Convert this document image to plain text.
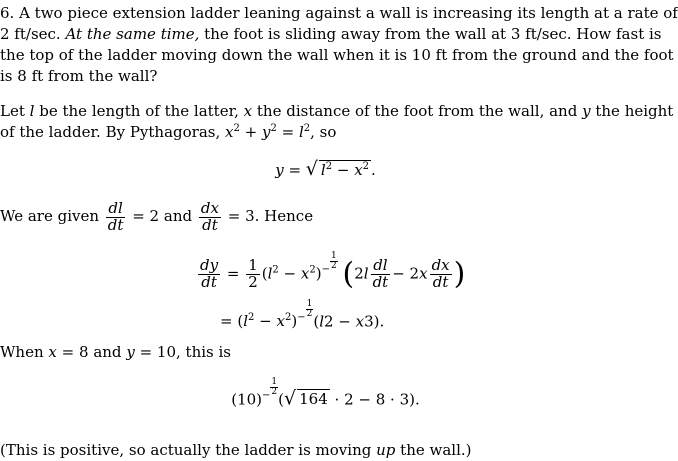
6. A two piece extension ladder leaning against a wall is increasing its length at a rate of
2 ft/sec. At the same time, the foot is sliding away from the wall at 3 ft/sec. How fast is
the top of the ladder moving down the wall when it is 10 ft from the ground and the foot
is 8 ft from the wall?
Let l be the length of the latter, x the distance of the foot from the wall, and y the height
of the ladder. By Pythagoras, $x^2 + y^2 = l^2$, so
y = √ $l^2 - x^2$ .
We are given $\frac{dl}{dt} = 2$ and $\frac{dx}{dt} = 3$. Hence
$\frac{dy}{dt} = \frac{1}{2} (l^2 - x^2)^{- \frac{1}{2}}$ ($2l \frac{dl}{dt} - 2x \frac{dx}{dt}$ )
= $(l^2 - x^2)^{- \frac{1}{2}}$
(l2 − x3).
When x = 8 and y = 10, this is
$(10)^{- \frac{1}{2}}$
(√ 164 · 2 − 8 · 3).
(This is positive, so actually the ladder is moving up the wall.)
